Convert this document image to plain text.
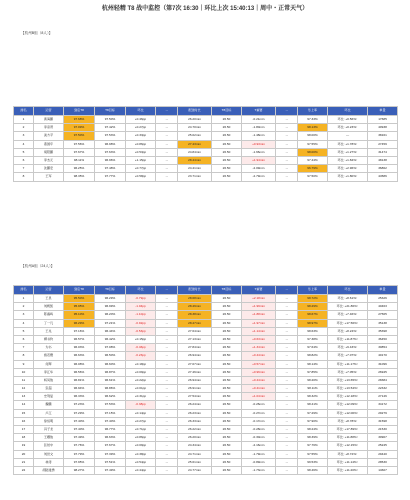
杭州轻精 T8 战中监控（第7次 16:30｜环比上次 15:40:13｜周中・正常天气）
【杭州B组（8人）】
排名	运营	到店T8	T8目标	环比	→	配送时长	T8目标	T重要	→	乐上率	环比	单量
1	黄海鹏	97.68%	97.50%	+0.46pp	→	26.20min	26.50	-0.21min	→	97.33%	环比: +0.56%↑	17685
2	李彦贤	97.09%	97.42%	+0.27pp	→	24.70min	26.50	-1.80min	→	98.13%	环比: +0.23%↑	40938
3	美方平	97.50%	97.53%	+0.33pp	→	25.02min	26.50	-1.48min	→	98.00%	—	38161
4	燕国牢	97.56%	96.98%	+0.86pp	→	27.43min	26.50	+0.93min	→	97.55%	环比: +1.78%↑	27459
5	胡阳鹏	97.67%	97.63%	+0.53pp	→	24.84min	26.50	-1.66min	→	98.00%	环比: +1.27%↑	31474
6	李杰元	98.11%	96.96%	+1.15pp	→	28.44min	26.50	+1.94min	→	97.44%	环比: +1.84%↑	48138
7	沈鹏宏	96.25%	97.48%	+0.77pp	→	24.41min	26.50	-2.09min	→	96.79%	环比: +2.96%↑	36862
8	王军	98.35%	97.77%	+0.58pp	→	23.71min	26.50	-2.79min	→	97.50%	环比: +1.80%↑	44586
【杭州A组（24人）】
排名	运营	到店T8	T8目标	环比	→	配送时长	T8目标	T重要	→	乐上率	环比	单量
1	王泉	95.50%	96.29%	-0.79pp	→	28.68min	26.50	+2.18min	→	98.72%	环比: +8.61%↑	25326
2	刘帆凯	95.95%	96.99%	-1.04pp	→	28.49min	26.50	+1.99min	→	98.29%	环比: +21.86%↑	40463
3	陈鹿鸣	95.10%	96.20%	-1.10pp	→	28.38min	26.50	+1.88min	→	98.67%	环比: +7.46%↑	27565
4	丁一凡	96.29%	97.21%	-0.92pp	→	28.47min	26.50	+1.97min	→	98.97%	环比: +17.56%↑	35138
5	王兆	97.16%	96.44%	-0.53pp	→	27.64min	26.50	+1.14min	→	98.63%	环比: +8.24%↑	35398
6	柳书钧	96.57%	96.42%	+0.15pp	→	27.13min	26.50	+0.63min	→	97.38%	环比: +11.87%↑	36450
7	为书	96.03%	97.08%	-0.46pp	→	27.84min	26.50	+1.34min	→	97.64%	环比: +9.43%↑	30854
8	施若鹭	96.63%	96.50%	-0.23pp	→	26.94min	26.50	+0.44min	→	98.82%	环比: +7.07%↑	40170
9	何辉	96.08%	96.60%	+0.18pp	→	27.07min	26.50	+0.57min	→	98.14%	环比: +11.17%↑	31096
10	李江华	96.56%	96.87%	+0.09pp	→	27.46min	26.50	+0.96min	→	97.85%	环比: +7.05%↑	26945
11	杨凤俊	96.81%	96.61%	+0.22pp	→	26.94min	26.50	+0.44min	→	98.20%	环比: +13.65%↑	28384
12	张超	96.94%	96.86%	+0.01pp	→	26.91min	26.50	+0.41min	→	98.11%	环比: +13.54%↑	22332
13	史利复	96.33%	96.62%	+0.31pp	→	27.54min	26.50	+1.04min	→	98.32%	环比: +12.18%↑	27146
14	魏鹏	97.23%	97.53%	-0.38pp	→	26.24min	26.50	-0.26min	→	98.41%	环比: +12.09%↑	34172
15	卢江	97.29%	97.15%	+0.14pp	→	26.23min	26.50	-0.27min	→	97.29%	环比: +12.00%↑	29279
16	徐恒明	97.40%	97.40%	+0.27pp	→	26.33min	26.50	-0.17min	→	97.90%	环比: +8.78%↑	31598
17	冯子龙	97.40%	96.77%	+0.71pp	→	26.22min	26.50	-0.28min	→	98.24%	环比: +17.89%↑	21530
18	王卿俊	97.49%	96.63%	+0.86pp	→	26.20min	26.50	-0.30min	→	98.39%	环比: +11.88%↑	30907
19	张丝中	97.76%	97.67%	+0.09pp	→	24.34min	26.50	-2.16min	→	97.76%	环比: +12.15%↑	25245
20	刘世文	97.79%	97.39%	+0.38pp	→	24.71min	26.50	-1.79min	→	97.55%	环比: +8.72%↑	29440
21	林涛	97.95%	97.51%	+0.54pp	→	25.61min	26.50	-0.89min	→	99.53%	环比: +11.14%↑	28530
22	胡陆建勇	98.27%	97.49%	+0.44pp	→	24.77min	26.50	-1.73min	→	98.46%	环比: +11.20%↑	14607
